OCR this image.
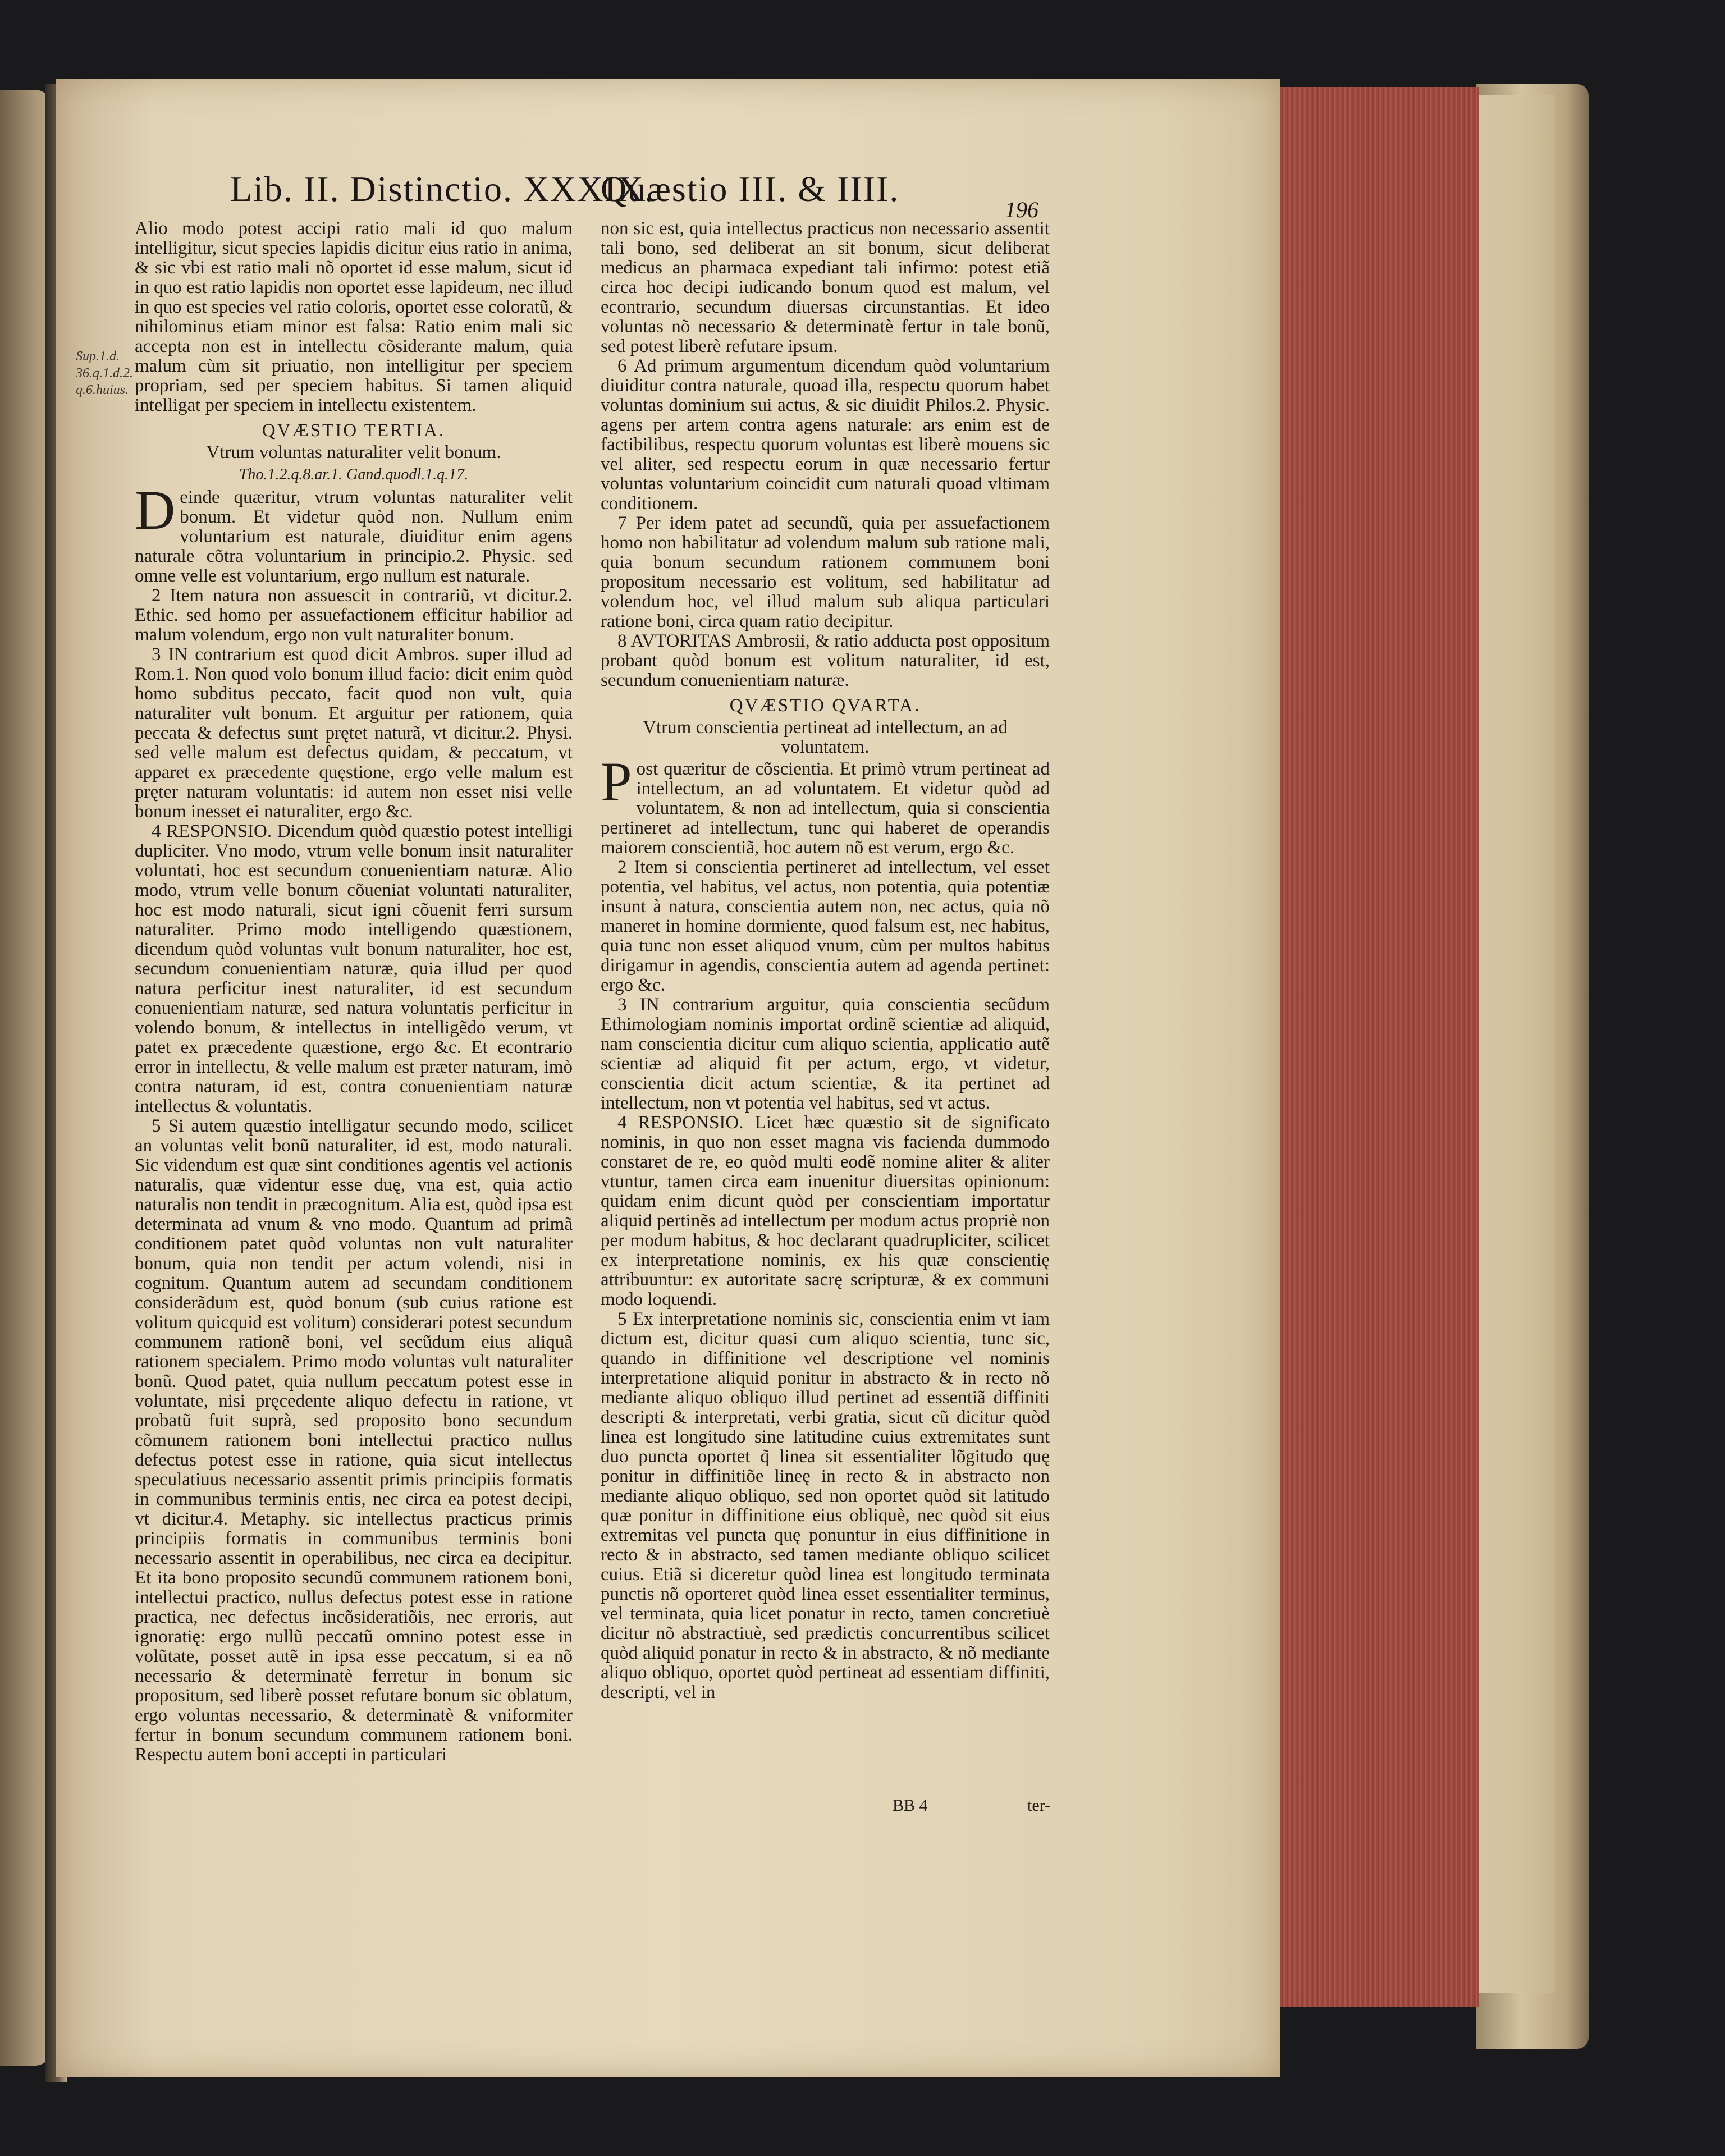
Lib. II. Distinctio. XXXIX.
Quæstio III. & IIII.
196
Sup.1.d. 36.q.1.d.2. q.6.huius.

Alio modo potest accipi ratio mali id quo malum intelligitur, sicut species lapidis dicitur eius ratio in anima, & sic vbi est ratio mali nõ oportet id esse malum, sicut id in quo est ratio lapidis non oportet esse lapideum, nec illud in quo est species vel ratio coloris, oportet esse coloratũ, & nihilominus etiam minor est falsa: Ratio enim mali sic accepta non est in intellectu cõsiderante malum, quia malum cùm sit priuatio, non intelligitur per speciem propriam, sed per speciem habitus. Si tamen aliquid intelligat per speciem in intellectu existentem.

QVÆSTIO TERTIA.

Vtrum voluntas naturaliter velit bonum.

Tho.1.2.q.8.ar.1. Gand.quodl.1.q.17.

Deinde quæritur, vtrum voluntas naturaliter velit bonum. Et videtur quòd non. Nullum enim voluntarium est naturale, diuiditur enim agens naturale cõtra voluntarium in principio.2. Physic. sed omne velle est voluntarium, ergo nullum est naturale.

2 Item natura non assuescit in contrariũ, vt dicitur.2. Ethic. sed homo per assuefactionem efficitur habilior ad malum volendum, ergo non vult naturaliter bonum.

3 IN contrarium est quod dicit Ambros. super illud ad Rom.1. Non quod volo bonum illud facio: dicit enim quòd homo subditus peccato, facit quod non vult, quia naturaliter vult bonum. Et arguitur per rationem, quia peccata & defectus sunt prętet naturã, vt dicitur.2. Physi. sed velle malum est defectus quidam, & peccatum, vt apparet ex præcedente quęstione, ergo velle malum est pręter naturam voluntatis: id autem non esset nisi velle bonum inesset ei naturaliter, ergo &c.

4 RESPONSIO. Dicendum quòd quæstio potest intelligi dupliciter. Vno modo, vtrum velle bonum insit naturaliter voluntati, hoc est secundum conuenientiam naturæ. Alio modo, vtrum velle bonum cõueniat voluntati naturaliter, hoc est modo naturali, sicut igni cõuenit ferri sursum naturaliter. Primo modo intelligendo quæstionem, dicendum quòd voluntas vult bonum naturaliter, hoc est, secundum conuenientiam naturæ, quia illud per quod natura perficitur inest naturaliter, id est secundum conuenientiam naturæ, sed natura voluntatis perficitur in volendo bonum, & intellectus in intelligẽdo verum, vt patet ex præcedente quæstione, ergo &c. Et econtrario error in intellectu, & velle malum est præter naturam, imò contra naturam, id est, contra conuenientiam naturæ intellectus & voluntatis.

5 Si autem quæstio intelligatur secundo modo, scilicet an voluntas velit bonũ naturaliter, id est, modo naturali. Sic videndum est quæ sint conditiones agentis vel actionis naturalis, quæ videntur esse duę, vna est, quia actio naturalis non tendit in præcognitum. Alia est, quòd ipsa est determinata ad vnum & vno modo. Quantum ad primã conditionem patet quòd voluntas non vult naturaliter bonum, quia non tendit per actum volendi, nisi in cognitum. Quantum autem ad secundam conditionem considerãdum est, quòd bonum (sub cuius ratione est volitum quicquid est volitum) considerari potest secundum communem rationẽ boni, vel secũdum eius aliquã rationem specialem. Primo modo voluntas vult naturaliter bonũ. Quod patet, quia nullum peccatum potest esse in voluntate, nisi pręcedente aliquo defectu in ratione, vt probatũ fuit suprà, sed proposito bono secundum cõmunem rationem boni intellectui practico nullus defectus potest esse in ratione, quia sicut intellectus speculatiuus necessario assentit primis principiis formatis in communibus terminis entis, nec circa ea potest decipi, vt dicitur.4. Metaphy. sic intellectus practicus primis principiis formatis in communibus terminis boni necessario assentit in operabilibus, nec circa ea decipitur. Et ita bono proposito secundũ communem rationem boni, intellectui practico, nullus defectus potest esse in ratione practica, nec defectus incõsideratiõis, nec erroris, aut ignoratię: ergo nullũ peccatũ omnino potest esse in volũtate, posset autẽ in ipsa esse peccatum, si ea nõ necessario & determinatè ferretur in bonum sic propositum, sed liberè posset refutare bonum sic oblatum, ergo voluntas necessario, & determinatè & vniformiter fertur in bonum secundum communem rationem boni. Respectu autem boni accepti in particulari

non sic est, quia intellectus practicus non necessario assentit tali bono, sed deliberat an sit bonum, sicut deliberat medicus an pharmaca expediant tali infirmo: potest etiã circa hoc decipi iudicando bonum quod est malum, vel econtrario, secundum diuersas circunstantias. Et ideo voluntas nõ necessario & determinatè fertur in tale bonũ, sed potest liberè refutare ipsum.

6 Ad primum argumentum dicendum quòd voluntarium diuiditur contra naturale, quoad illa, respectu quorum habet voluntas dominium sui actus, & sic diuidit Philos.2. Physic. agens per artem contra agens naturale: ars enim est de factibilibus, respectu quorum voluntas est liberè mouens sic vel aliter, sed respectu eorum in quæ necessario fertur voluntas voluntarium coincidit cum naturali quoad vltimam conditionem.

7 Per idem patet ad secundũ, quia per assuefactionem homo non habilitatur ad volendum malum sub ratione mali, quia bonum secundum rationem communem boni propositum necessario est volitum, sed habilitatur ad volendum hoc, vel illud malum sub aliqua particulari ratione boni, circa quam ratio decipitur.

8 AVTORITAS Ambrosii, & ratio adducta post oppositum probant quòd bonum est volitum naturaliter, id est, secundum conuenientiam naturæ.

QVÆSTIO QVARTA.

Vtrum conscientia pertineat ad intellectum, an ad voluntatem.

Post quæritur de cõscientia. Et primò vtrum pertineat ad intellectum, an ad voluntatem. Et videtur quòd ad voluntatem, & non ad intellectum, quia si conscientia pertineret ad intellectum, tunc qui haberet de operandis maiorem conscientiã, hoc autem nõ est verum, ergo &c.

2 Item si conscientia pertineret ad intellectum, vel esset potentia, vel habitus, vel actus, non potentia, quia potentiæ insunt à natura, conscientia autem non, nec actus, quia nõ maneret in homine dormiente, quod falsum est, nec habitus, quia tunc non esset aliquod vnum, cùm per multos habitus dirigamur in agendis, conscientia autem ad agenda pertinet: ergo &c.

3 IN contrarium arguitur, quia conscientia secũdum Ethimologiam nominis importat ordinẽ scientiæ ad aliquid, nam conscientia dicitur cum aliquo scientia, applicatio autẽ scientiæ ad aliquid fit per actum, ergo, vt videtur, conscientia dicit actum scientiæ, & ita pertinet ad intellectum, non vt potentia vel habitus, sed vt actus.

4 RESPONSIO. Licet hæc quæstio sit de significato nominis, in quo non esset magna vis facienda dummodo constaret de re, eo quòd multi eodẽ nomine aliter & aliter vtuntur, tamen circa eam inuenitur diuersitas opinionum: quidam enim dicunt quòd per conscientiam importatur aliquid pertinẽs ad intellectum per modum actus propriè non per modum habitus, & hoc declarant quadrupliciter, scilicet ex interpretatione nominis, ex his quæ conscientię attribuuntur: ex autoritate sacrę scripturæ, & ex communi modo loquendi.

5 Ex interpretatione nominis sic, conscientia enim vt iam dictum est, dicitur quasi cum aliquo scientia, tunc sic, quando in diffinitione vel descriptione vel nominis interpretatione aliquid ponitur in abstracto & in recto nõ mediante aliquo obliquo illud pertinet ad essentiã diffiniti descripti & interpretati, verbi gratia, sicut cũ dicitur quòd linea est longitudo sine latitudine cuius extremitates sunt duo puncta oportet q̃ linea sit essentialiter lõgitudo quę ponitur in diffinitiõe lineę in recto & in abstracto non mediante aliquo obliquo, sed non oportet quòd sit latitudo quæ ponitur in diffinitione eius obliquè, nec quòd sit eius extremitas vel puncta quę ponuntur in eius diffinitione in recto & in abstracto, sed tamen mediante obliquo scilicet cuius. Etiã si diceretur quòd linea est longitudo terminata punctis nõ oporteret quòd linea esset essentialiter terminus, vel terminata, quia licet ponatur in recto, tamen concretiuè dicitur nõ abstractiuè, sed prædictis concurrentibus scilicet quòd aliquid ponatur in recto & in abstracto, & nõ mediante aliquo obliquo, oportet quòd pertineat ad essentiam diffiniti, descripti, vel in

BB 4	ter-
